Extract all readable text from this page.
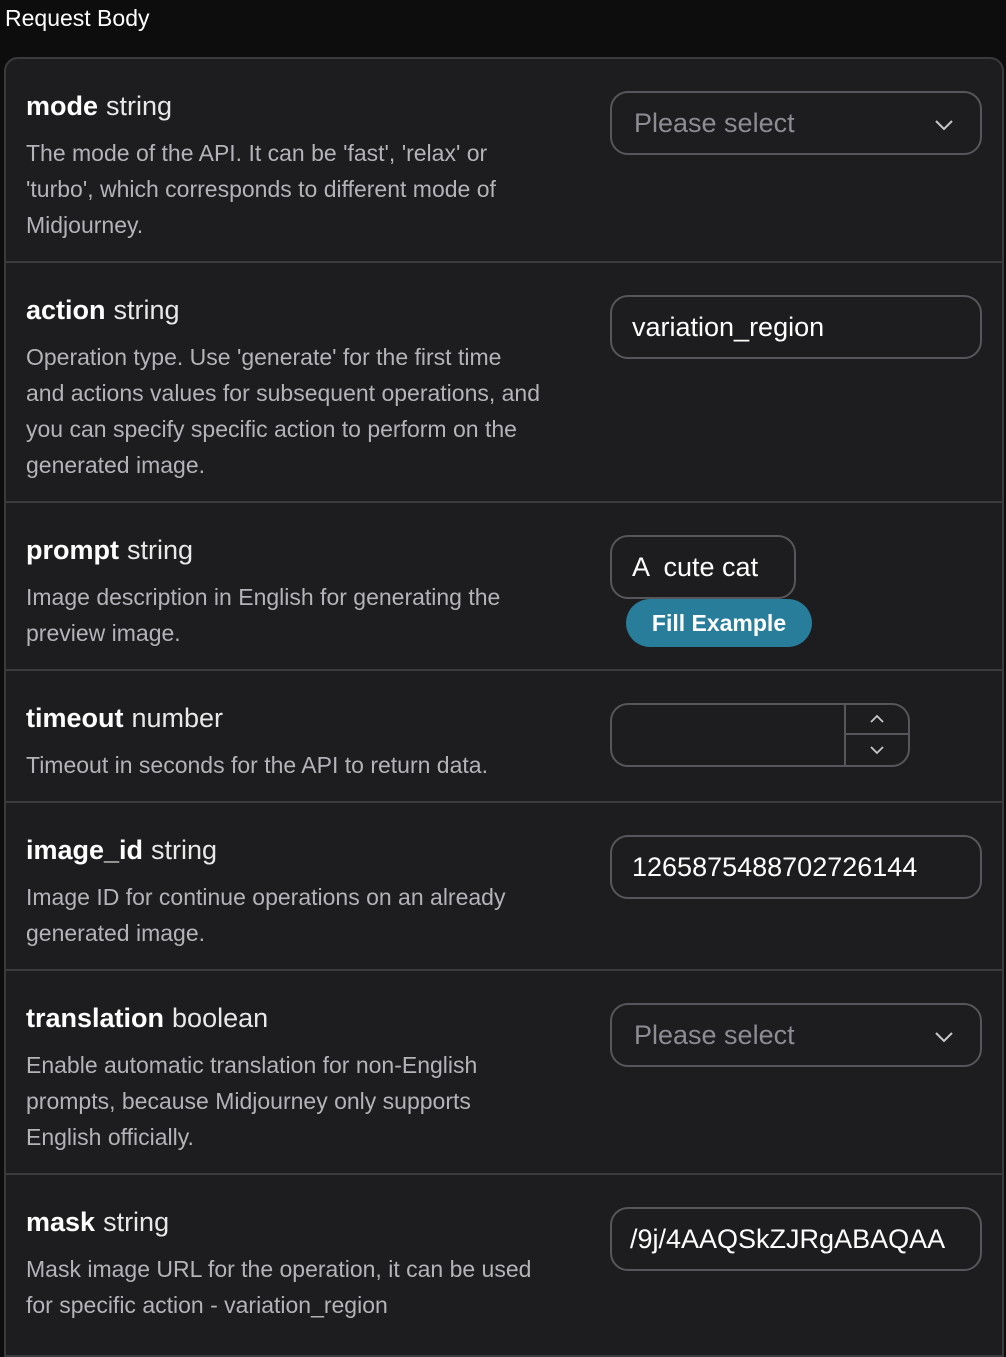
Request Body
mode string
The mode of the API. It can be 'fast', 'relax' or
'turbo', which corresponds to different mode of
Midjourney.
Please select
action string
Operation type. Use 'generate' for the first time
and actions values for subsequent operations, and
you can specify specific action to perform on the
generated image.
variation_region
prompt string
Image description in English for generating the
preview image.
A  cute cat
Fill Example
timeout number
Timeout in seconds for the API to return data.
image_id string
Image ID for continue operations on an already
generated image.
1265875488702726144
translation boolean
Enable automatic translation for non-English
prompts, because Midjourney only supports
English officially.
Please select
mask string
Mask image URL for the operation, it can be used
for specific action - variation_region
/9j/4AAQSkZJRgABAQAA
